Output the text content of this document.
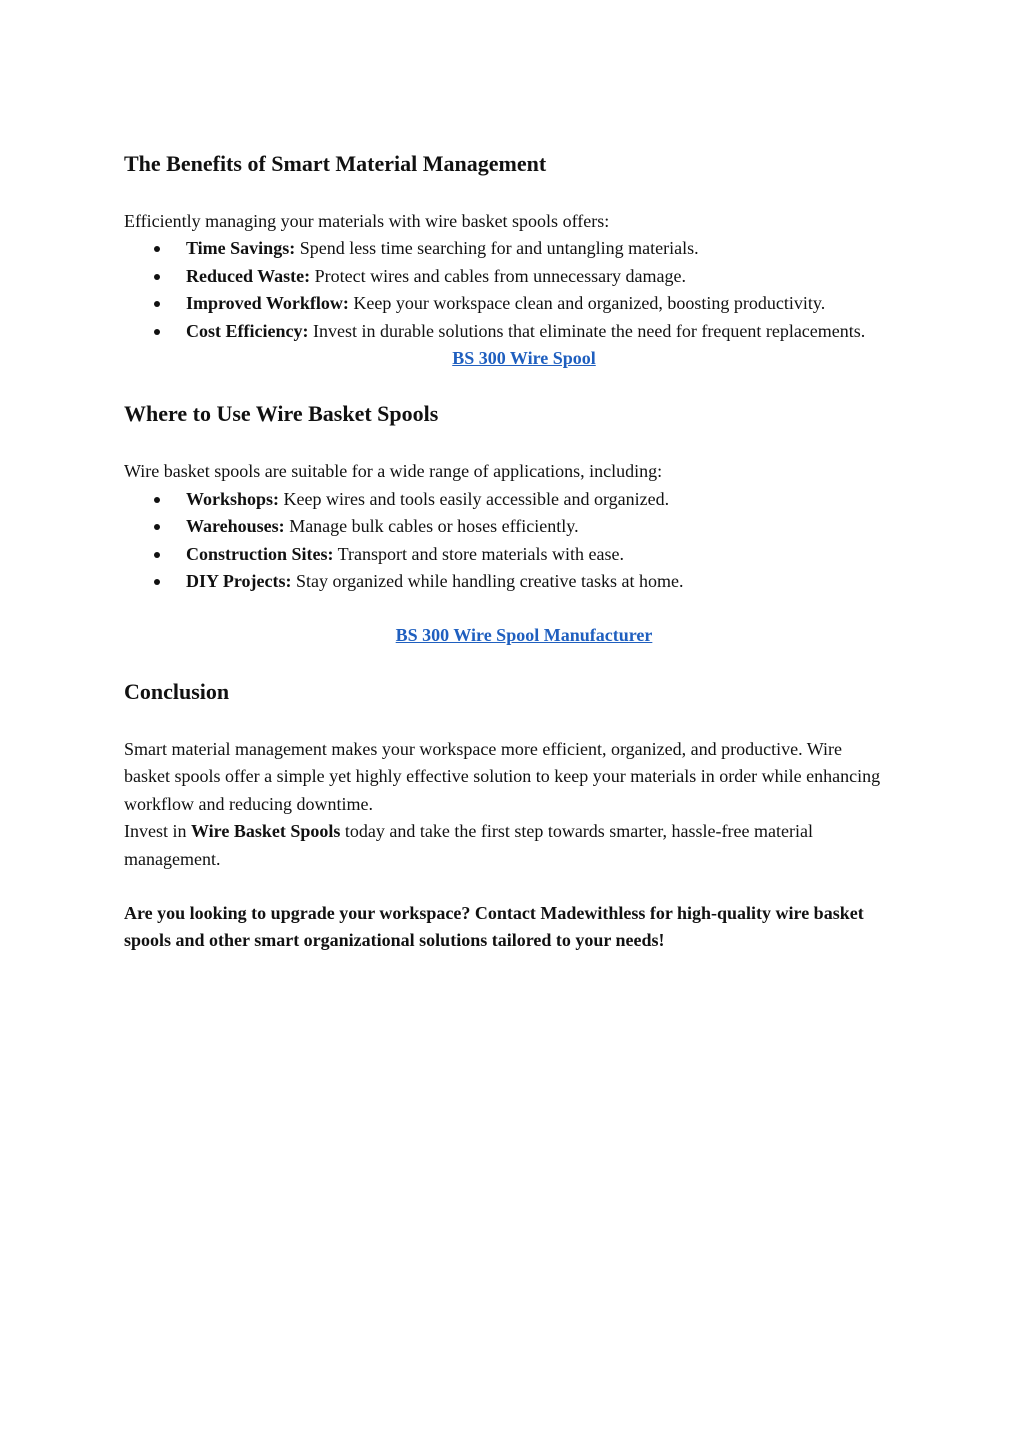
The Benefits of Smart Material Management

Efficiently managing your materials with wire basket spools offers:

Time Savings: Spend less time searching for and untangling materials.
Reduced Waste: Protect wires and cables from unnecessary damage.
Improved Workflow: Keep your workspace clean and organized, boosting productivity.
Cost Efficiency: Invest in durable solutions that eliminate the need for frequent replacements.
BS 300 Wire Spool
Where to Use Wire Basket Spools

Wire basket spools are suitable for a wide range of applications, including:

Workshops: Keep wires and tools easily accessible and organized.
Warehouses: Manage bulk cables or hoses efficiently.
Construction Sites: Transport and store materials with ease.
DIY Projects: Stay organized while handling creative tasks at home.
BS 300 Wire Spool Manufacturer
Conclusion

Smart material management makes your workspace more efficient, organized, and productive. Wire basket spools offer a simple yet highly effective solution to keep your materials in order while enhancing workflow and reducing downtime.

Invest in Wire Basket Spools today and take the first step towards smarter, hassle-free material management.

Are you looking to upgrade your workspace? Contact Madewithless for high-quality wire basket spools and other smart organizational solutions tailored to your needs!
